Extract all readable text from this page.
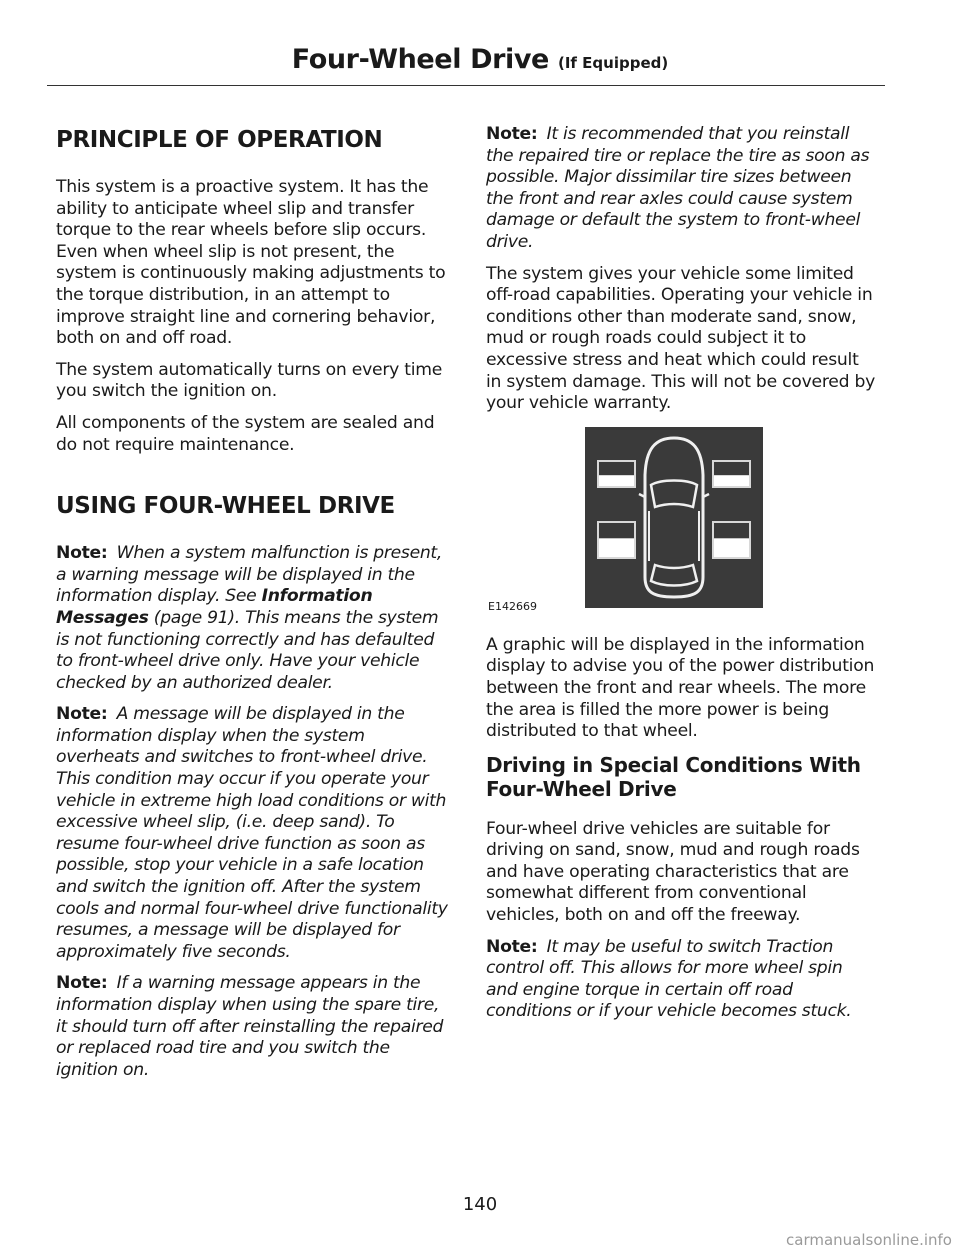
Four-Wheel Drive (If Equipped)
PRINCIPLE OF OPERATION

This system is a proactive system. It has the ability to anticipate wheel slip and transfer torque to the rear wheels before slip occurs. Even when wheel slip is not present, the system is continuously making adjustments to the torque distribution, in an attempt to improve straight line and cornering behavior, both on and off road.

The system automatically turns on every time you switch the ignition on.

All components of the system are sealed and do not require maintenance.

USING FOUR-WHEEL DRIVE

Note: When a system malfunction is present, a warning message will be displayed in the information display. See Information Messages (page 91). This means the system is not functioning correctly and has defaulted to front-wheel drive only. Have your vehicle checked by an authorized dealer.

Note: A message will be displayed in the information display when the system overheats and switches to front-wheel drive. This condition may occur if you operate your vehicle in extreme high load conditions or with excessive wheel slip, (i.e. deep sand). To resume four-wheel drive function as soon as possible, stop your vehicle in a safe location and switch the ignition off. After the system cools and normal four-wheel drive functionality resumes, a message will be displayed for approximately five seconds.

Note: If a warning message appears in the information display when using the spare tire, it should turn off after reinstalling the repaired or replaced road tire and you switch the ignition on.

Note: It is recommended that you reinstall the repaired tire or replace the tire as soon as possible. Major dissimilar tire sizes between the front and rear axles could cause system damage or default the system to front-wheel drive.

The system gives your vehicle some limited off-road capabilities. Operating your vehicle in conditions other than moderate sand, snow, mud or rough roads could subject it to excessive stress and heat which could result in system damage. This will not be covered by your vehicle warranty.

E142669

A graphic will be displayed in the information display to advise you of the power distribution between the front and rear wheels. The more the area is filled the more power is being distributed to that wheel.

Driving in Special Conditions With Four-Wheel Drive

Four-wheel drive vehicles are suitable for driving on sand, snow, mud and rough roads and have operating characteristics that are somewhat different from conventional vehicles, both on and off the freeway.

Note: It may be useful to switch Traction control off. This allows for more wheel spin and engine torque in certain off road conditions or if your vehicle becomes stuck.

140
carmanualsonline.info
